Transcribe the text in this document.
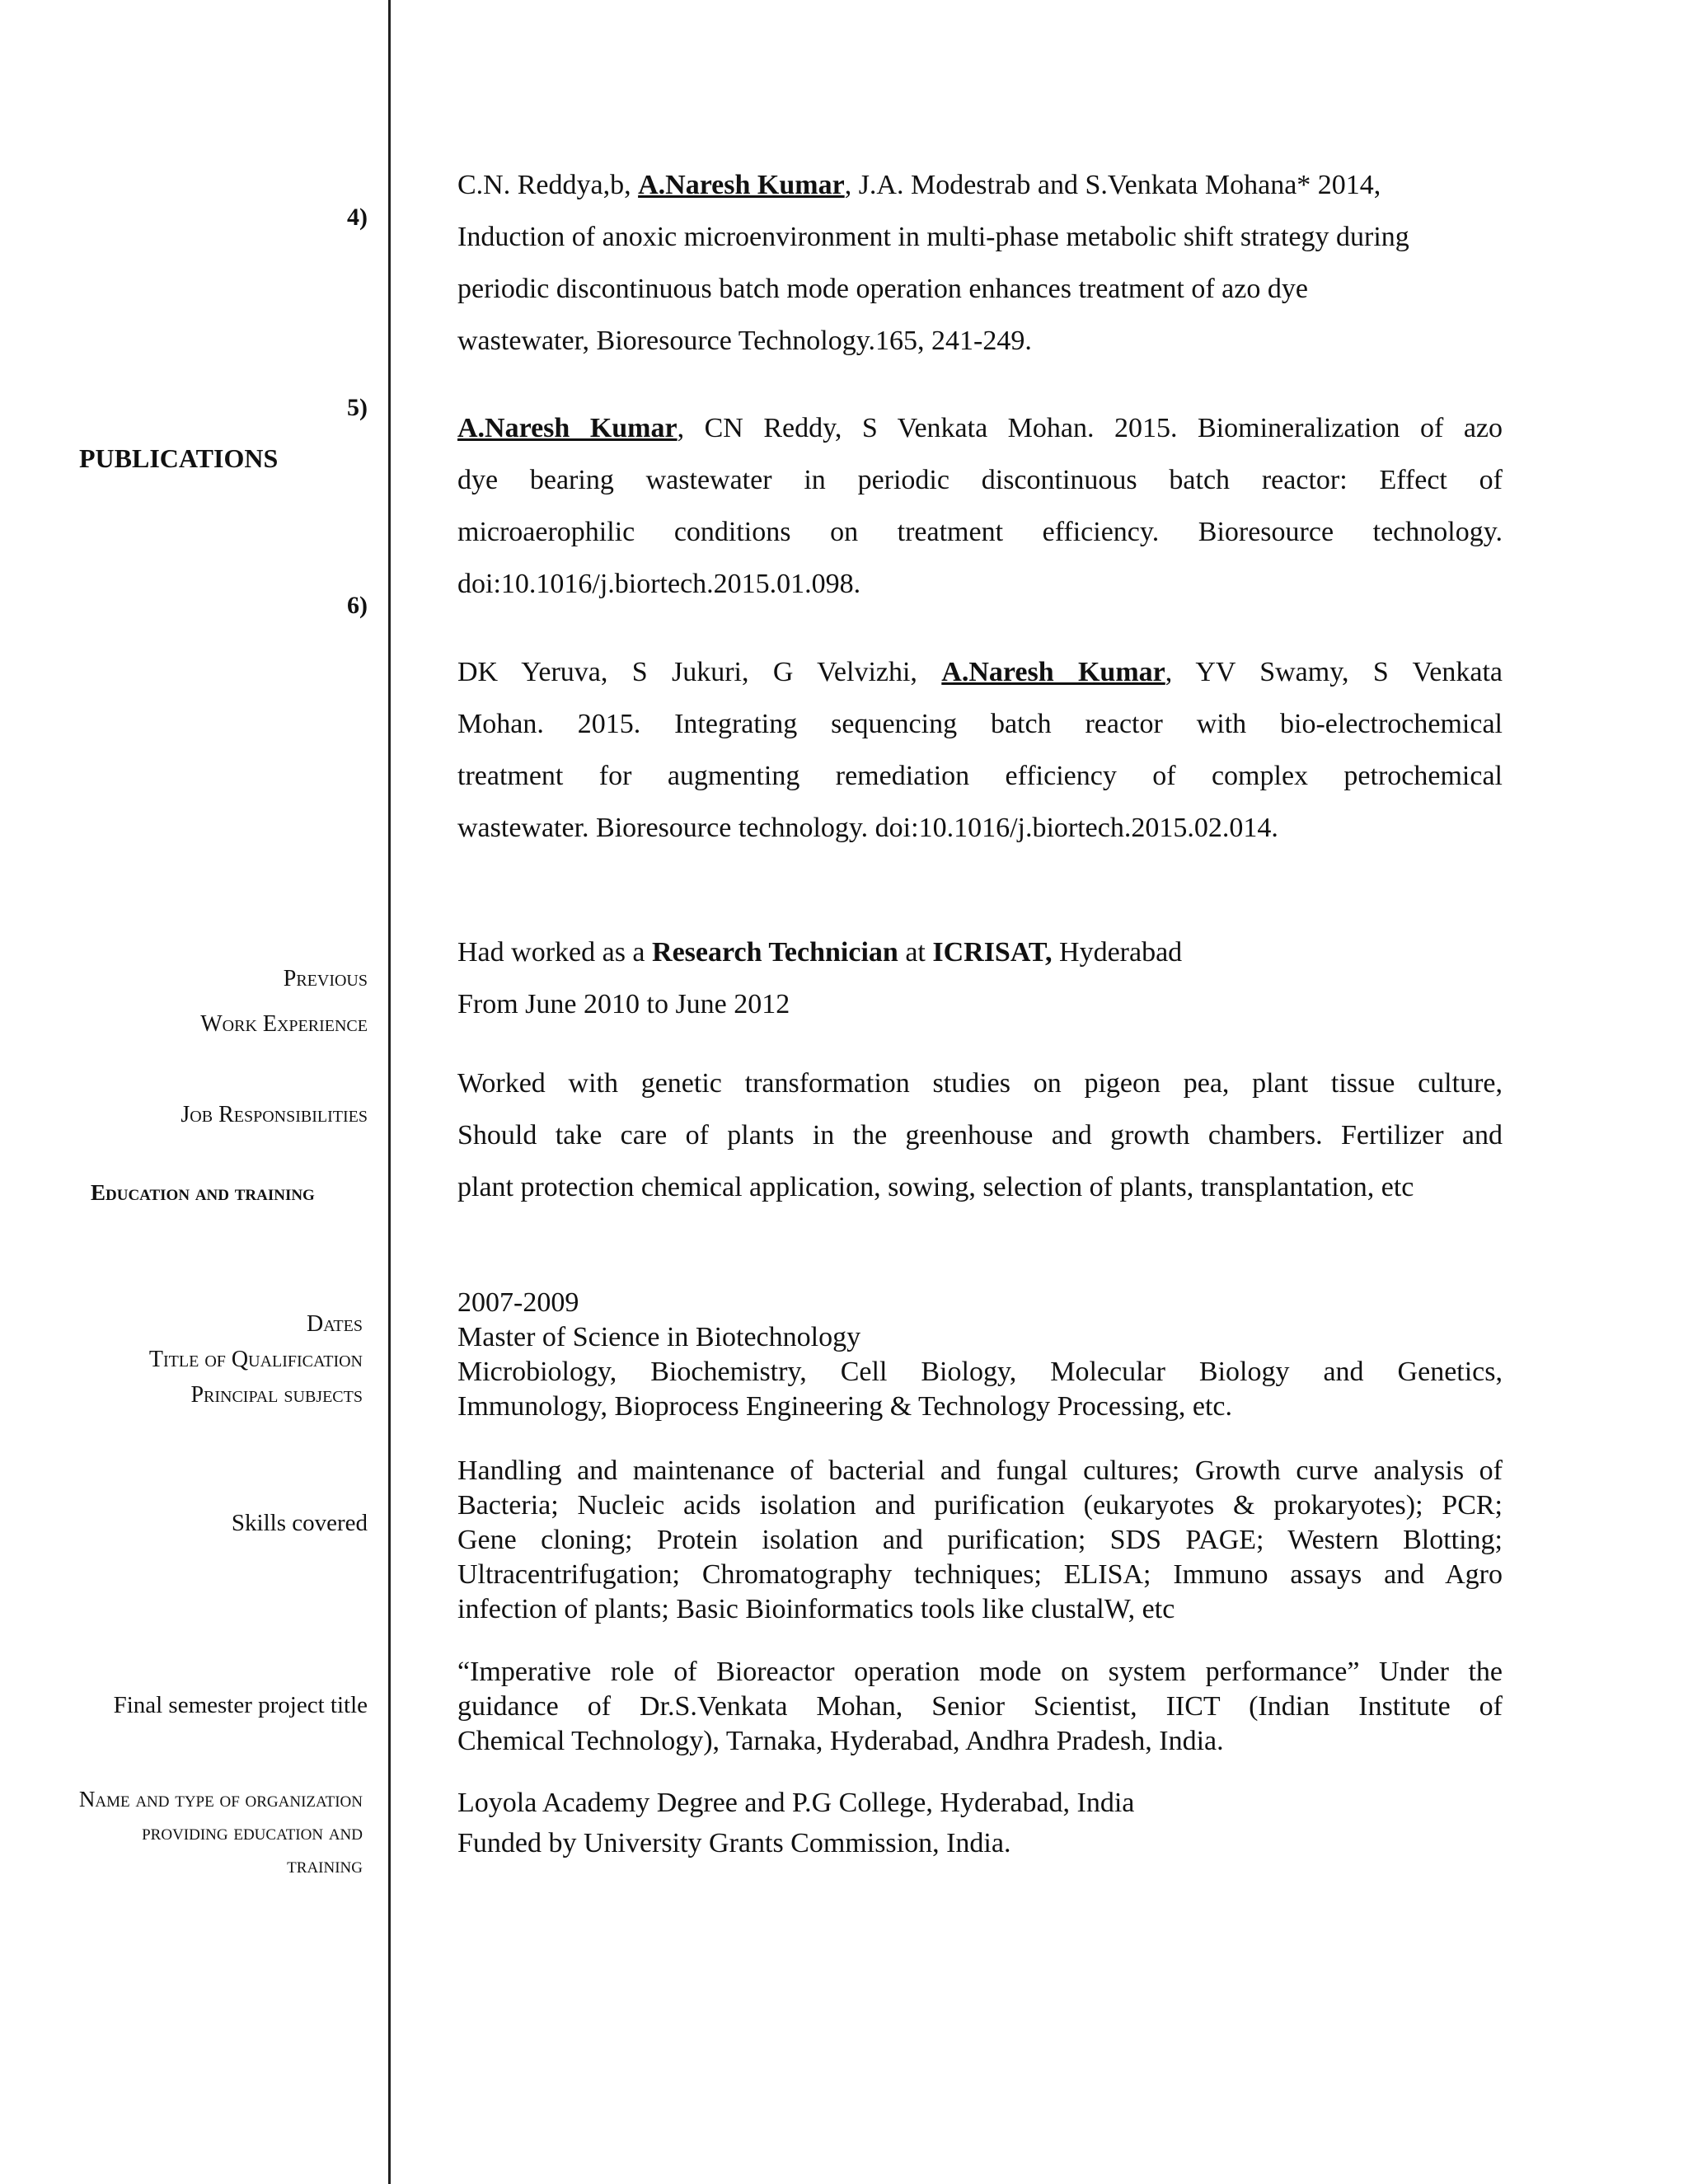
4)
5)
6)
PUBLICATIONS
Previous
Work Experience
Job Responsibilities
Education and training
Dates
Title of Qualification
Principal subjects
Skills covered
Final semester project title
Name and type of organization
providing education and
training
C.N. Reddya,b, A.Naresh Kumar, J.A. Modestrab and S.Venkata Mohana* 2014,
Induction of anoxic microenvironment in multi-phase metabolic shift strategy during
periodic discontinuous batch mode operation enhances treatment of azo dye
wastewater, Bioresource Technology.165, 241-249.
A.Naresh Kumar, CN Reddy, S Venkata Mohan. 2015. Biomineralization of azo
dye bearing wastewater in periodic discontinuous batch reactor: Effect of
microaerophilic conditions on treatment efficiency. Bioresource technology.
doi:10.1016/j.biortech.2015.01.098.
DK Yeruva, S Jukuri, G Velvizhi, A.Naresh Kumar, YV Swamy, S Venkata
Mohan. 2015. Integrating sequencing batch reactor with bio-electrochemical
treatment for augmenting remediation efficiency of complex petrochemical
wastewater. Bioresource technology. doi:10.1016/j.biortech.2015.02.014.
Had worked as a Research Technician at ICRISAT, Hyderabad
From June 2010 to June 2012
Worked with genetic transformation studies on pigeon pea, plant tissue culture,
Should take care of plants in the greenhouse and growth chambers. Fertilizer and
plant protection chemical application, sowing, selection of plants, transplantation, etc
2007-2009
Master of Science in Biotechnology
Microbiology, Biochemistry, Cell Biology, Molecular Biology and Genetics,
Immunology, Bioprocess Engineering & Technology Processing, etc.
Handling and maintenance of bacterial and fungal cultures; Growth curve analysis of
Bacteria; Nucleic acids isolation and purification (eukaryotes & prokaryotes); PCR;
Gene cloning; Protein isolation and purification; SDS PAGE; Western Blotting;
Ultracentrifugation; Chromatography techniques; ELISA; Immuno assays and Agro
infection of plants; Basic Bioinformatics tools like clustalW, etc
“Imperative role of Bioreactor operation mode on system performance” Under the
guidance of Dr.S.Venkata Mohan, Senior Scientist, IICT (Indian Institute of
Chemical Technology), Tarnaka, Hyderabad, Andhra Pradesh, India.
Loyola Academy Degree and P.G College, Hyderabad, India
Funded by University Grants Commission, India.
